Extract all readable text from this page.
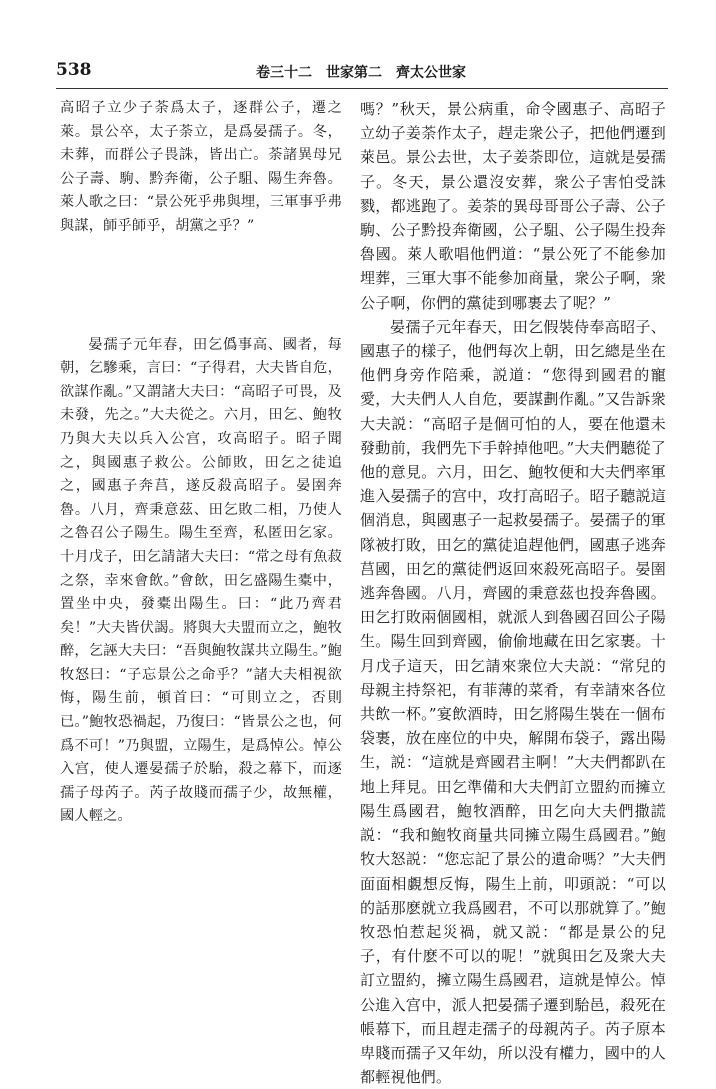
538	卷三十二　世家第二　齊太公世家

高昭子立少子荼爲太子，逐群公子，遷之萊。景公卒，太子荼立，是爲晏孺子。冬，未葬，而群公子畏誅，皆出亡。荼諸異母兄公子壽、駒、黔奔衛，公子駔、陽生奔魯。萊人歌之曰：“景公死乎弗與埋，三軍事乎弗與謀，師乎師乎，胡黨之乎？”

晏孺子元年春，田乞僞事高、國者，每朝，乞驂乘，言曰：“子得君，大夫皆自危，欲謀作亂。”又謂諸大夫曰：“高昭子可畏，及未發，先之。”大夫從之。六月，田乞、鮑牧乃與大夫以兵入公宫，攻高昭子。昭子聞之，與國惠子救公。公師敗，田乞之徒追之，國惠子奔莒，遂反殺高昭子。晏圉奔魯。八月，齊秉意茲、田乞敗二相，乃使人之魯召公子陽生。陽生至齊，私匿田乞家。十月戊子，田乞請諸大夫曰：“常之母有魚菽之祭，幸來會飲。”會飲，田乞盛陽生橐中，置坐中央，發橐出陽生。曰：“此乃齊君矣！”大夫皆伏謁。將與大夫盟而立之，鮑牧醉，乞誣大夫曰：“吾與鮑牧謀共立陽生。”鮑牧怒曰：“子忘景公之命乎？”諸大夫相視欲悔，陽生前，頓首曰：“可則立之，否則已。”鮑牧恐禍起，乃復曰：“皆景公之也，何爲不可！”乃與盟，立陽生，是爲悼公。悼公入宫，使人遷晏孺子於駘，殺之幕下，而逐孺子母芮子。芮子故賤而孺子少，故無權，國人輕之。

嗎？”秋天，景公病重，命令國惠子、高昭子立幼子姜荼作太子，趕走衆公子，把他們遷到萊邑。景公去世，太子姜荼即位，這就是晏孺子。冬天，景公還沒安葬，衆公子害怕受誅戮，都逃跑了。姜荼的異母哥哥公子壽、公子駒、公子黔投奔衛國，公子駔、公子陽生投奔魯國。萊人歌唱他們道：“景公死了不能參加埋葬，三軍大事不能參加商量，衆公子啊，衆公子啊，你們的黨徒到哪裹去了呢？”

晏孺子元年春天，田乞假裝侍奉高昭子、國惠子的樣子，他們每次上朝，田乞總是坐在他們身旁作陪乘，説道：“您得到國君的寵愛，大夫們人人自危，要謀劃作亂。”又告訴衆大夫説：“高昭子是個可怕的人，要在他還未發動前，我們先下手幹掉他吧。”大夫們聽從了他的意見。六月，田乞、鮑牧便和大夫們率軍進入晏孺子的宫中，攻打高昭子。昭子聽説這個消息，與國惠子一起救晏孺子。晏孺子的軍隊被打敗，田乞的黨徒追趕他們，國惠子逃奔莒國，田乞的黨徒們返回來殺死高昭子。晏圉逃奔魯國。八月，齊國的秉意茲也投奔魯國。田乞打敗兩個國相，就派人到魯國召回公子陽生。陽生回到齊國，偷偷地藏在田乞家裹。十月戊子這天，田乞請來衆位大夫説：“常兒的母親主持祭祀，有菲薄的菜肴，有幸請來各位共飲一杯。”宴飲酒時，田乞將陽生裝在一個布袋裹，放在座位的中央，解開布袋子，露出陽生，説：“這就是齊國君主啊！”大夫們都趴在地上拜見。田乞準備和大夫們訂立盟約而擁立陽生爲國君，鮑牧酒醉，田乞向大夫們撒謊説：“我和鮑牧商量共同擁立陽生爲國君。”鮑牧大怒説：“您忘記了景公的遺命嗎？”大夫們面面相覷想反悔，陽生上前，叩頭説：“可以的話那麽就立我爲國君，不可以那就算了。”鮑牧恐怕惹起災禍，就又説：“都是景公的兒子，有什麽不可以的呢！”就與田乞及衆大夫訂立盟約，擁立陽生爲國君，這就是悼公。悼公進入宫中，派人把晏孺子遷到駘邑，殺死在帳幕下，而且趕走孺子的母親芮子。芮子原本卑賤而孺子又年幼，所以没有權力，國中的人都輕視他們。
